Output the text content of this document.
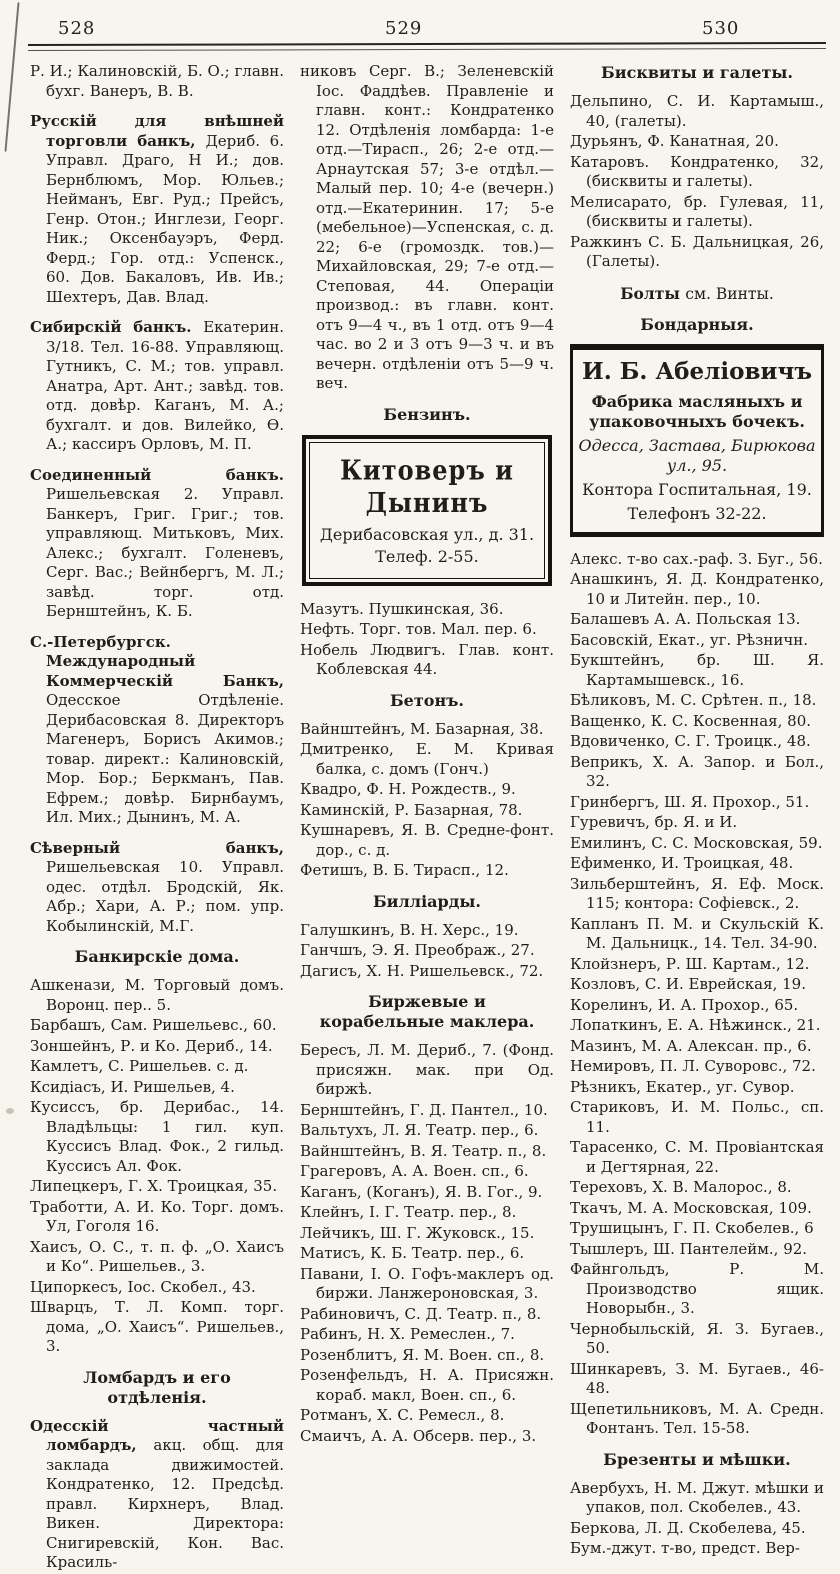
528	529	530

Р. И.; Калиновскій, Б. О.; главн. бухг. Ванеръ, В. В.

Русскій для внѣшней торговли банкъ, Дериб. 6. Управл. Драго, Н И.; дов. Бернблюмъ, Мор. Юльев.; Нейманъ, Евг. Руд.; Прейсъ, Генр. Отон.; Инглези, Георг. Ник.; Оксенбауэръ, Ферд. Ферд.; Гор. отд.: Успенск., 60. Дов. Бакаловъ, Ив. Ив.; Шехтеръ, Дав. Влад.

Сибирскій банкъ. Екатерин. 3/18. Тел. 16-88. Управляющ. Гутникъ, С. М.; тов. управл. Анатра, Арт. Ант.; завѣд. тов. отд. довѣр. Каганъ, М. А.; бухгалт. и дов. Вилейко, Ѳ. А.; кассиръ Орловъ, М. П.

Соединенный банкъ. Ришельевская 2. Управл. Банкеръ, Григ. Григ.; тов. управляющ. Митьковъ, Мих. Алекс.; бухгалт. Голеневъ, Серг. Вас.; Вейнбергъ, М. Л.; завѣд. торг. отд. Бернштейнъ, К. Б.

С.-Петербургск. Международный Коммерческій Банкъ, Одесское Отдѣленіе. Дерибасовская 8. Директоръ Магенеръ, Борисъ Акимов.; товар. директ.: Калиновскій, Мор. Бор.; Беркманъ, Пав. Ефрем.; довѣр. Бирнбаумъ, Ил. Мих.; Дынинъ, М. А.

Сѣверный банкъ, Ришельевская 10. Управл. одес. отдѣл. Бродскій, Як. Абр.; Хари, А. Р.; пом. упр. Кобылинскій, М.Г.

Банкирскіе дома.

Ашкенази, М. Торговый домъ. Воронц. пер.. 5.

Барбашъ, Сам. Ришельевс., 60.

Зоншейнъ, Р. и Ко. Дериб., 14.

Камлетъ, С. Ришельев. с. д.

Ксидіасъ, И. Ришельев, 4.

Кусиссъ, бр. Дерибас., 14. Владѣльцы: 1 гил. куп. Куссисъ Влад. Фок., 2 гильд. Куссисъ Ал. Фок.

Липецкеръ, Г. Х. Троицкая, 35.

Тработти, А. И. Ко. Торг. домъ. Ул, Гоголя 16.

Хаисъ, О. С., т. п. ф. „О. Хаисъ и Ко“. Ришельев., 3.

Ципоркесъ, Іос. Скобел., 43.

Шварцъ, Т. Л. Комп. торг. дома, „О. Хаисъ“. Ришельев., 3.

Ломбардъ и его отдѣленія.

Одесскій частный ломбардъ, акц. общ. для заклада движимостей. Кондратенко, 12. Предсѣд. правл. Кирхнеръ, Влад. Викен. Директора: Снигиревскій, Кон. Вас. Красиль-

никовъ Серг. В.; Зеленевскій Іос. Фаддѣев. Правленіе и главн. конт.: Кондратенко 12. Отдѣленія ломбарда: 1-е отд.—Тирасп., 26; 2-е отд.—Арнаутская 57; 3-е отдѣл.—Малый пер. 10; 4-е (вечерн.) отд.—Екатеринин. 17; 5-е (мебельное)—Успенская, с. д. 22; 6-е (громоздк. тов.)—Михайловская, 29; 7-е отд.—Степовая, 44. Операціи производ.: въ главн. конт. отъ 9—4 ч., въ 1 отд. отъ 9—4 час. во 2 и 3 отъ 9—3 ч. и въ вечерн. отдѣленіи отъ 5—9 ч. веч.

Бензинъ.
Китоверъ и Дынинъ
Дерибасовская ул., д. 31.
Телеф. 2-55.

Мазутъ. Пушкинская, 36.

Нефть. Торг. тов. Мал. пер. 6.

Нобель Людвигъ. Глав. конт. Коблевская 44.

Бетонъ.

Вайнштейнъ, М. Базарная, 38.

Дмитренко, Е. М. Кривая балка, с. домъ (Гонч.)

Квадро, Ф. Н. Рождеств., 9.

Каминскій, Р. Базарная, 78.

Кушнаревъ, Я. В. Средне-фонт. дор., с. д.

Фетишъ, В. Б. Тирасп., 12.

Билліарды.

Галушкинъ, В. Н. Херс., 19.

Ганчшъ, Э. Я. Преображ., 27.

Дагисъ, Х. Н. Ришельевск., 72.

Биржевые и корабельные маклера.

Бересъ, Л. М. Дериб., 7. (Фонд. присяжн. мак. при Од. биржѣ.

Бернштейнъ, Г. Д. Пантел., 10.

Вальтухъ, Л. Я. Театр. пер., 6.

Вайнштейнъ, В. Я. Театр. п., 8.

Грагеровъ, А. А. Воен. сп., 6.

Каганъ, (Коганъ), Я. В. Гог., 9.

Клейнъ, І. Г. Театр. пер., 8.

Лейчикъ, Ш. Г. Жуковск., 15.

Матисъ, К. Б. Театр. пер., 6.

Павани, І. О. Гофъ-маклеръ од. биржи. Ланжероновская, 3.

Рабиновичъ, С. Д. Театр. п., 8.

Рабинъ, Н. Х. Ремеслен., 7.

Розенблитъ, Я. М. Воен. сп., 8.

Розенфельдъ, Н. А. Присяжн. кораб. макл, Воен. сп., 6.

Ротманъ, Х. С. Ремесл., 8.

Смаичъ, А. А. Обсерв. пер., 3.

Бисквиты и галеты.

Дельпино, С. И. Картамыш., 40, (галеты).

Дурьянъ, Ф. Канатная, 20.

Катаровъ. Кондратенко, 32, (бисквиты и галеты).

Мелисарато, бр. Гулевая, 11, (бисквиты и галеты).

Ражкинъ С. Б. Дальницкая, 26, (Галеты).

Болты см. Винты.

Бондарныя.
И. Б. Абеліовичъ
Фабрика масляныхъ и упаковочныхъ бочекъ.
Одесса, Застава, Бирюкова ул., 95.
Контора Госпитальная, 19.
Телефонъ 32-22.

Алекс. т-во сах.-раф. З. Буг., 56.

Анашкинъ, Я. Д. Кондратенко, 10 и Литейн. пер., 10.

Балашевъ А. А. Польская 13.

Басовскій, Екат., уг. Рѣзничн.

Букштейнъ, бр. Ш. Я. Картамышевск., 16.

Бѣликовъ, М. С. Срѣтен. п., 18.

Ващенко, К. С. Косвенная, 80.

Вдовиченко, С. Г. Троицк., 48.

Веприкъ, Х. А. Запор. и Бол., 32.

Гринбергъ, Ш. Я. Прохор., 51.

Гуревичъ, бр. Я. и И.

Емилинъ, С. С. Московская, 59.

Ефименко, И. Троицкая, 48.

Зильберштейнъ, Я. Еф. Моск. 115; контора: Софіевск., 2.

Капланъ П. М. и Скульскій К. М. Дальницк., 14. Тел. 34-90.

Клойзнеръ, Р. Ш. Картам., 12.

Козловъ, С. И. Еврейская, 19.

Корелинъ, И. А. Прохор., 65.

Лопаткинъ, Е. А. Нѣжинск., 21.

Мазинъ, М. А. Алексан. пр., 6.

Немировъ, П. Л. Суворовс., 72.

Рѣзникъ, Екатер., уг. Сувор.

Стариковъ, И. М. Польс., сп. 11.

Тарасенко, С. М. Провіантская и Дегтярная, 22.

Тереховъ, Х. В. Малорос., 8.

Ткачъ, М. А. Московская, 109.

Трушицынъ, Г. П. Скобелев., 6

Тышлеръ, Ш. Пантелейм., 92.

Файнгольдъ, Р. М. Производство ящик. Новорыбн., 3.

Чернобыльскій, Я. З. Бугаев., 50.

Шинкаревъ, З. М. Бугаев., 46-48.

Щепетильниковъ, М. А. Средн. Фонтанъ. Тел. 15-58.

Брезенты и мѣшки.

Авербухъ, Н. М. Джут. мѣшки и упаков, пол. Скобелев., 43.

Беркова, Л. Д. Скобелева, 45.

Бум.-джут. т-во, предст. Вер-
